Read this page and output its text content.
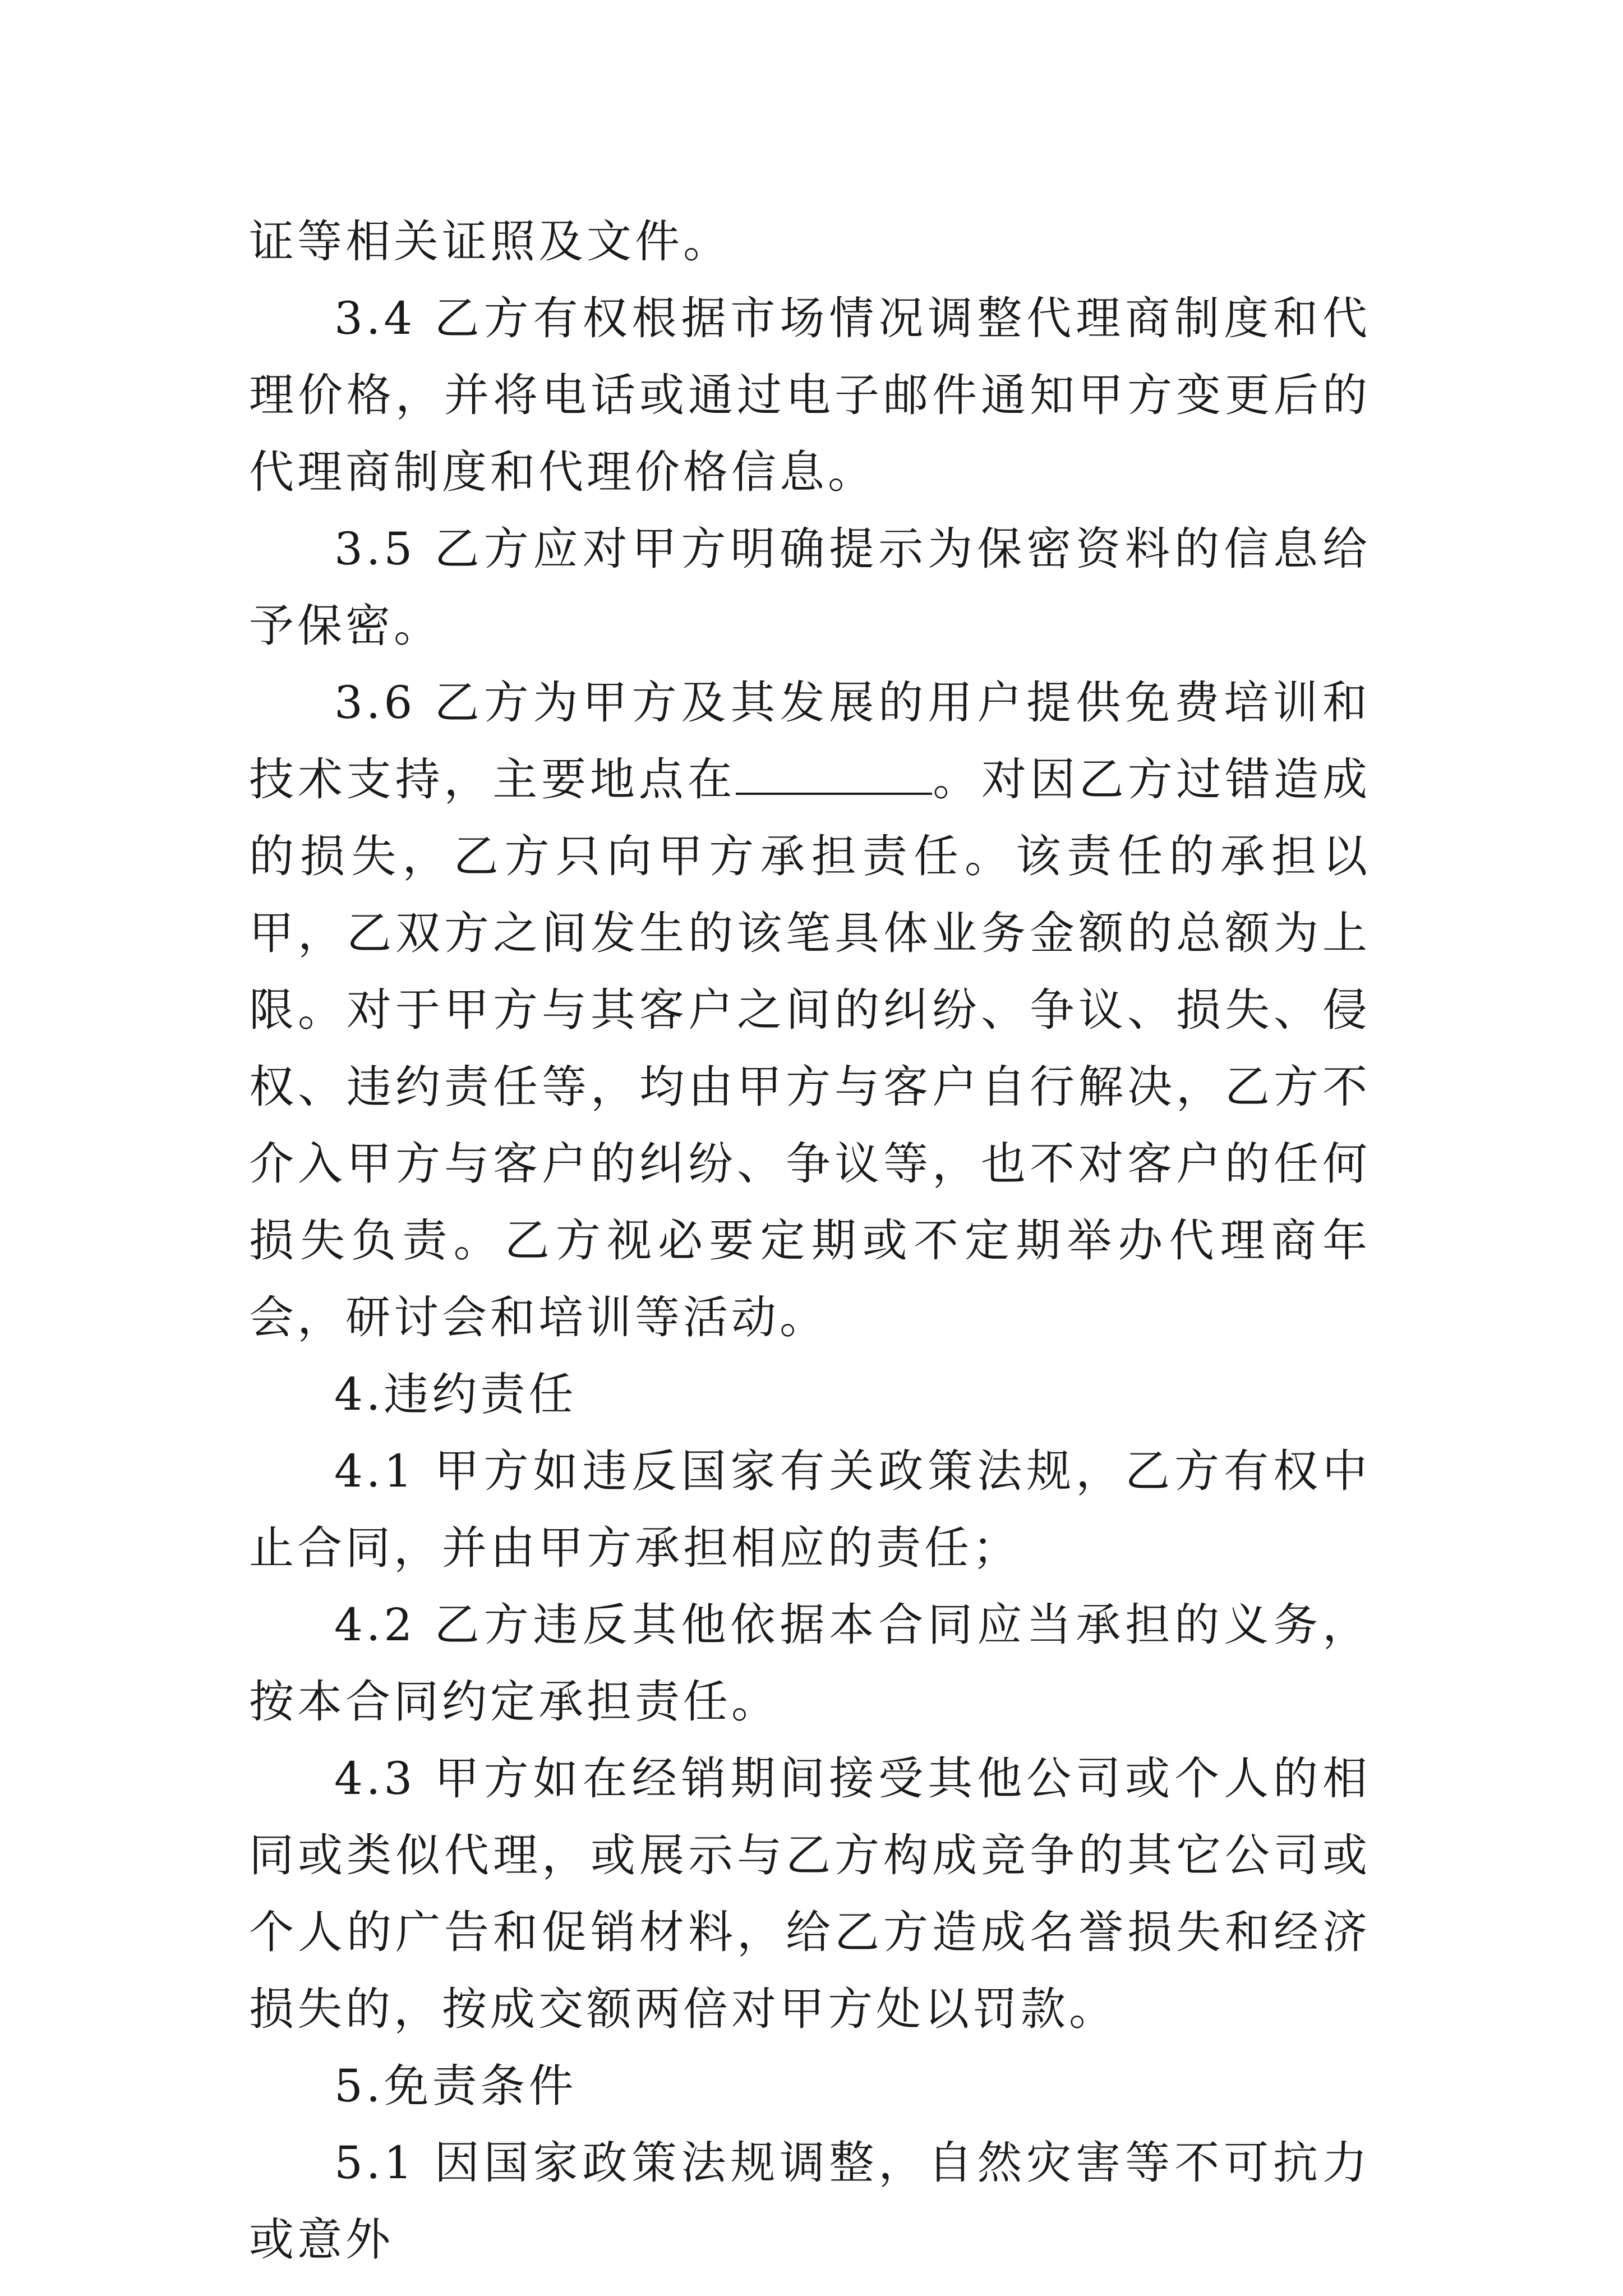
证等相关证照及文件。

3.4 乙方有权根据市场情况调整代理商制度和代理价格，并将电话或通过电子邮件通知甲方变更后的代理商制度和代理价格信息。

3.5 乙方应对甲方明确提示为保密资料的信息给予保密。

3.6 乙方为甲方及其发展的用户提供免费培训和技术支持，主要地点在	。对因乙方过错造成的损失，乙方只向甲方承担责任。该责任的承担以甲，乙双方之间发生的该笔具体业务金额的总额为上限。对于甲方与其客户之间的纠纷、争议、损失、侵权、违约责任等，均由甲方与客户自行解决，乙方不介入甲方与客户的纠纷、争议等，也不对客户的任何损失负责。乙方视必要定期或不定期举办代理商年会，研讨会和培训等活动。

4.违约责任

4.1 甲方如违反国家有关政策法规，乙方有权中止合同，并由甲方承担相应的责任；

4.2 乙方违反其他依据本合同应当承担的义务，按本合同约定承担责任。

4.3 甲方如在经销期间接受其他公司或个人的相同或类似代理，或展示与乙方构成竞争的其它公司或个人的广告和促销材料，给乙方造成名誉损失和经济损失的，按成交额两倍对甲方处以罚款。

5.免责条件

5.1 因国家政策法规调整，自然灾害等不可抗力或意外
